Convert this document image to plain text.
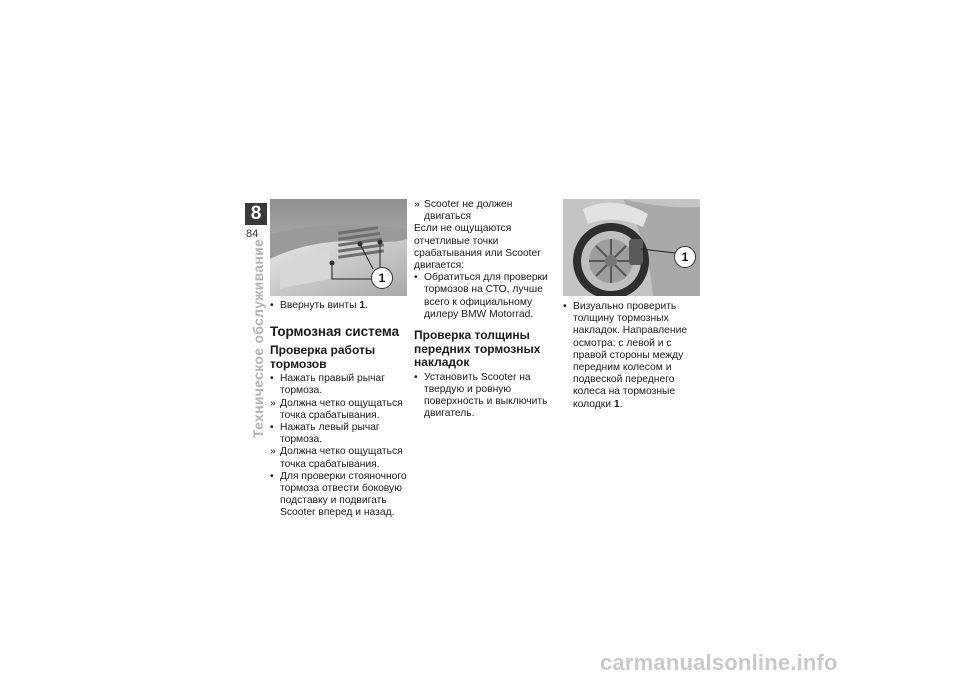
8
84
Техническое обслуживание	1
1
• Ввернуть винты 1.
Тормозная система
Проверка работы тормозов
• Нажать правый рычаг тормоза.
» Должна четко ощущаться точка срабатывания.
• Нажать левый рычаг тормоза.
» Должна четко ощущаться точка срабатывания.
• Для проверки стояночного тормоза отвести боковую подставку и подвигать Scooter вперед и назад.
» Scooter не должен двигаться
Если не ощущаются отчетливые точки срабатывания или Scooter двигается:
• Обратиться для проверки тормозов на СТО, лучше всего к официальному дилеру BMW Motorrad.
Проверка толщины передних тормозных накладок
• Установить Scooter на твердую и ровную поверхность и выключить двигатель.
• Визуально проверить толщину тормозных накладок. Направление осмотра: с левой и с правой стороны между передним колесом и подвеской переднего колеса на тормозные колодки 1.
carmanualsonline.info
